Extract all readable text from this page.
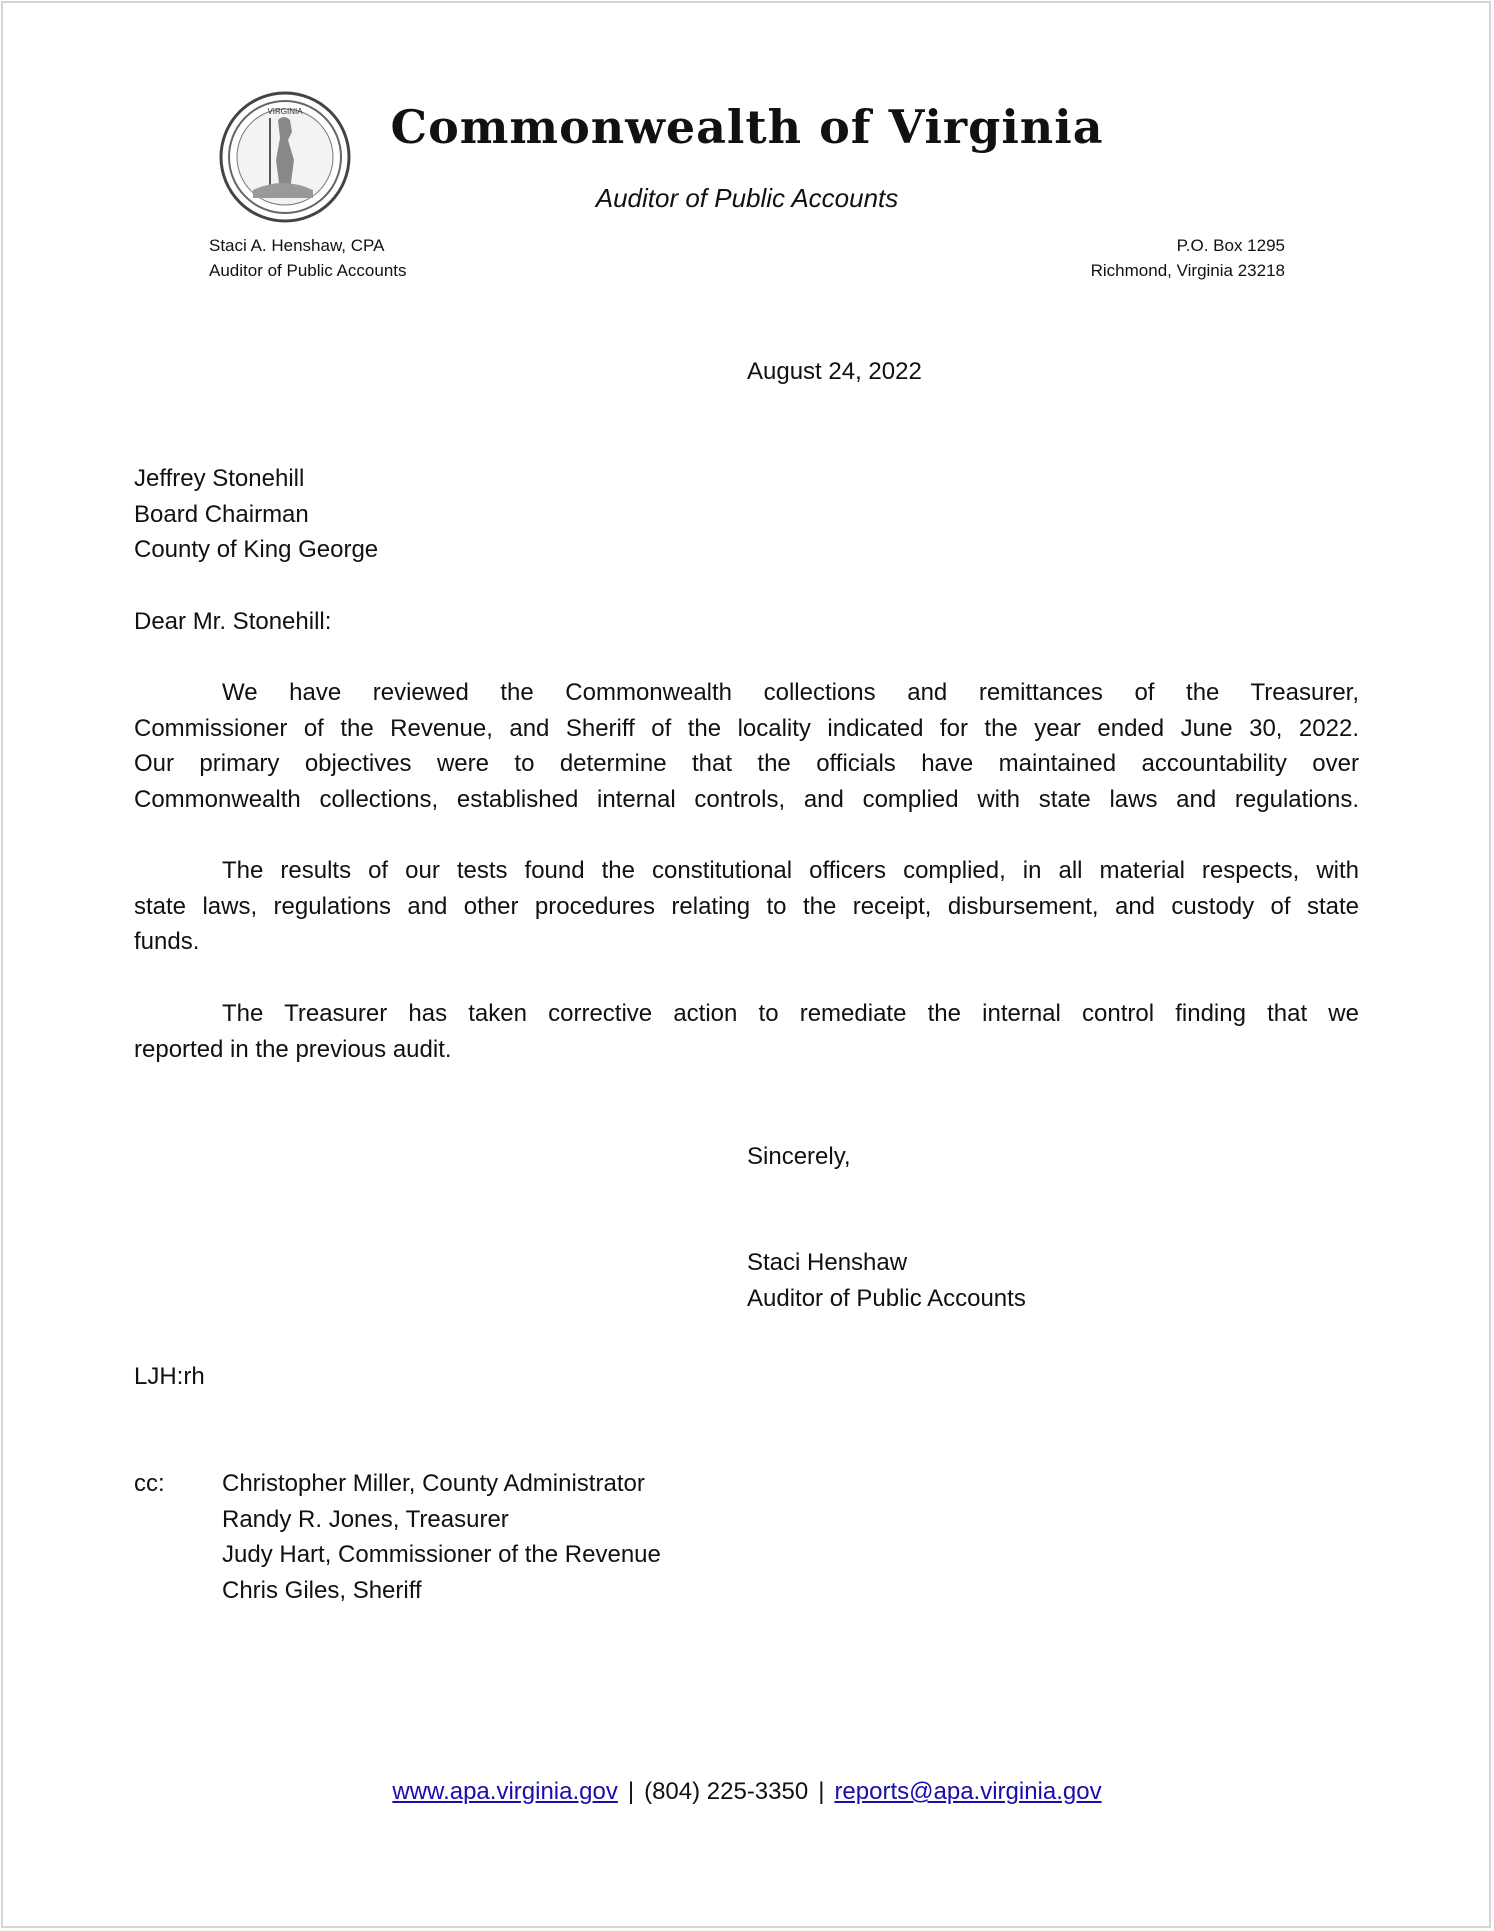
VIRGINIA	Commonwealth of Virginia
Auditor of Public Accounts
Staci A. Henshaw, CPA
Auditor of Public Accounts
P.O. Box 1295
Richmond, Virginia 23218
August 24, 2022
Jeffrey Stonehill
Board Chairman
County of King George
Dear Mr. Stonehill:
We have reviewed the Commonwealth collections and remittances of the Treasurer,
Commissioner of the Revenue, and Sheriff of the locality indicated for the year ended June 30, 2022.
Our primary objectives were to determine that the officials have maintained accountability over
Commonwealth collections, established internal controls, and complied with state laws and regulations.
The results of our tests found the constitutional officers complied, in all material respects, with
state laws, regulations and other procedures relating to the receipt, disbursement, and custody of state
funds.
The Treasurer has taken corrective action to remediate the internal control finding that we
reported in the previous audit.
Sincerely,
Staci Henshaw
Auditor of Public Accounts
LJH:rh
cc: Christopher Miller, County Administrator
Randy R. Jones, Treasurer
Judy Hart, Commissioner of the Revenue
Chris Giles, Sheriff
www.apa.virginia.gov | (804) 225-3350 | reports@apa.virginia.gov
